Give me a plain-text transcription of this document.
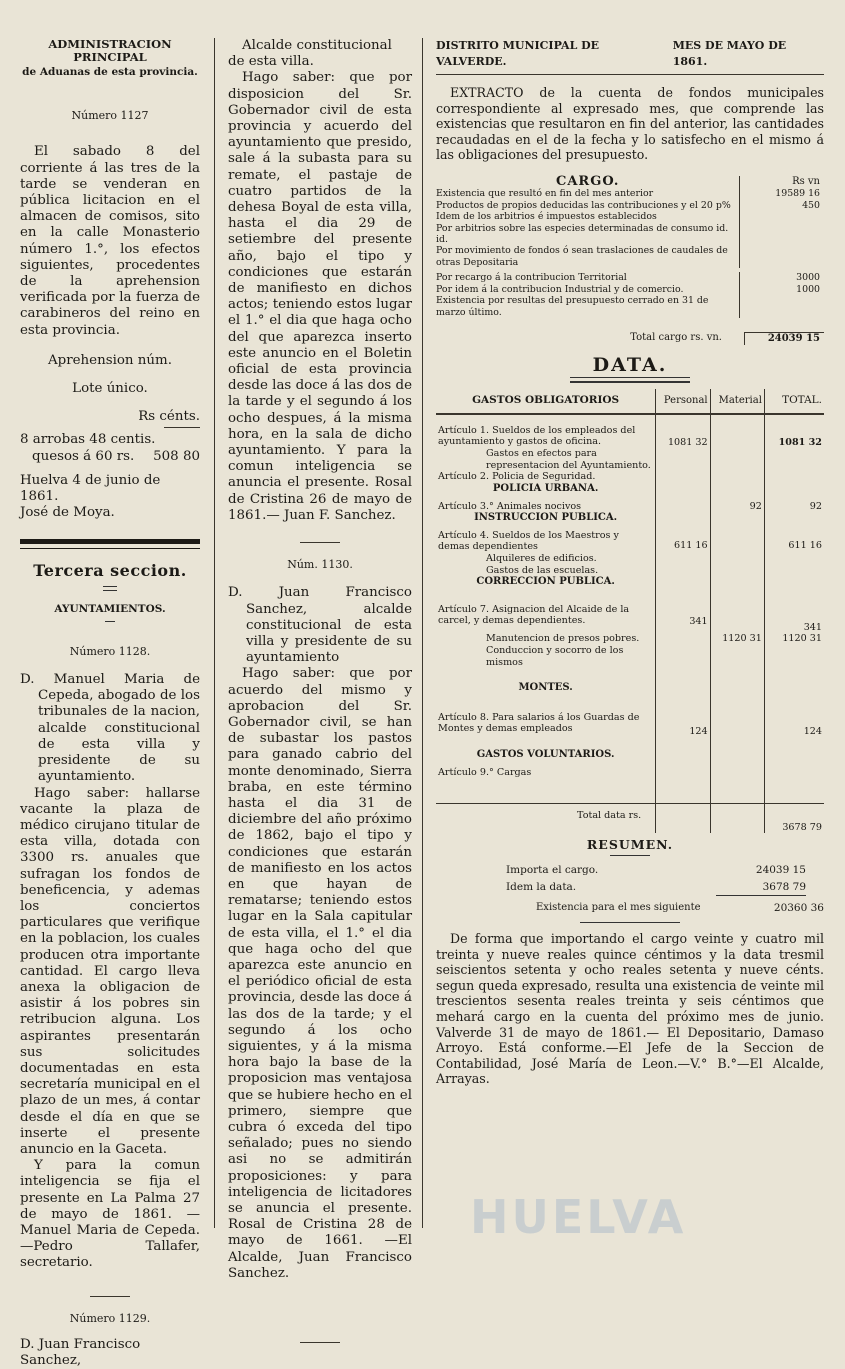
ADMINISTRACION PRINCIPAL
de Aduanas de esta provincia.
Número 1127

El sabado 8 del corriente á las tres de la tarde se venderan en pública licitacion en el almacen de comisos, sito en la calle Monasterio número 1.°, los efectos siguientes, procedentes de la aprehension verificada por la fuerza de carabineros del reino en esta provincia.

Aprehension núm.

Lote único.

Rs cénts.

8 arrobas 48 centis.

quesos á 60 rs. 508 80

Huelva 4 de junio de 1861.

José de Moya.

Tercera seccion.
AYUNTAMIENTOS.
Número 1128.

D. Manuel Maria de Cepeda, abogado de los tribunales de la nacion, alcalde constitucional de esta villa y presidente de su ayuntamiento.

Hago saber: hallarse vacante la plaza de médico cirujano titular de esta villa, dotada con 3300 rs. anuales que sufragan los fondos de beneficencia, y ademas los conciertos particulares que verifique en la poblacion, los cuales producen otra importante cantidad. El cargo lleva anexa la obligacion de asistir á los pobres sin retribucion alguna. Los aspirantes presentarán sus solicitudes documentadas en esta secretaría municipal en el plazo de un mes, á contar desde el día en que se inserte el presente anuncio en la Gaceta.

Y para la comun inteligencia se fija el presente en La Palma 27 de mayo de 1861. —Manuel Maria de Cepeda.—Pedro Tallafer, secretario.

Número 1129.

D. Juan Francisco Sanchez,

Alcalde constitucional de esta villa.

Hago saber: que por disposicion del Sr. Gobernador civil de esta provincia y acuerdo del ayuntamiento que presido, sale á la subasta para su remate, el pastaje de cuatro partidos de la dehesa Boyal de esta villa, hasta el dia 29 de setiembre del presente año, bajo el tipo y condiciones que estarán de manifiesto en dichos actos; teniendo estos lugar el 1.° el dia que haga ocho del que aparezca inserto este anuncio en el Boletin oficial de esta provincia desde las doce á las dos de la tarde y el segundo á los ocho despues, á la misma hora, en la sala de dicho ayuntamiento. Y para la comun inteligencia se anuncia el presente. Rosal de Cristina 26 de mayo de 1861.— Juan F. Sanchez.

Núm. 1130.

D. Juan Francisco Sanchez, alcalde constitucional de esta villa y presidente de su ayuntamiento

Hago saber: que por acuerdo del mismo y aprobacion del Sr. Gobernador civil, se han de subastar los pastos para ganado cabrio del monte denominado, Sierra braba, en este término hasta el dia 31 de diciembre del año próximo de 1862, bajo el tipo y condiciones que estarán de manifiesto en los actos en que hayan de rematarse; teniendo estos lugar en la Sala capitular de esta villa, el 1.° el dia que haga ocho del que aparezca este anuncio en el periódico oficial de esta provincia, desde las doce á las dos de la tarde; y el segundo á los ocho siguientes, y á la misma hora bajo la base de la proposicion mas ventajosa que se hubiere hecho en el primero, siempre que cubra ó exceda del tipo señalado; pues no siendo asi no se admitirán proposiciones: y para inteligencia de licitadores se anuncia el presente. Rosal de Cristina 28 de mayo de 1661. —El Alcalde, Juan Francisco Sanchez.

DISTRITO MUNICIPAL DE VALVERDE.
MES DE MAYO DE 1861.

EXTRACTO de la cuenta de fondos municipales correspondiente al expresado mes, que comprende las existencias que resultaron en fin del anterior, las cantidades recaudadas en el de la fecha y lo satisfecho en el mismo á las obligaciones del presupuesto.

CARGO.	Rs vn
Existencia que resultó en fin del mes anterior	19589 16
Productos de propios deducidas las contribuciones y el 20 p%	450
Idem de los arbitrios é impuestos establecidos
Por arbitrios sobre las especies determinadas de consumo id. id.
Por movimiento de fondos ó sean traslaciones de caudales de otras Depositaria
Por recargo á la contribucion Territorial	3000
Por idem á la contribucion Industrial y de comercio.	1000
Existencia por resultas del presupuesto cerrado en 31 de marzo último.
Total cargo rs. vn.	24039 15
DATA.
GASTOS OBLIGATORIOS	Personal	Material	TOTAL.
Artículo 1. Sueldos de los empleados del ayuntamiento y gastos de oficina.	1081 32		1081 32
Gastos en efectos para representacion del Ayuntamiento.			
Artículo 2. Policia de Seguridad.			
POLICIA URBANA.			
Artículo 3.° Animales nocivos		92	92
INSTRUCCION PUBLICA.			
Artículo 4. Sueldos de los Maestros y demas dependientes	611 16		611 16
Alquileres de edificios.			
Gastos de las escuelas.			
CORRECCION PUBLICA.			
Artículo 7. Asignacion del Alcaide de la carcel, y demas dependientes.	341		341
Manutencion de presos pobres.		1120 31	1120 31
Conduccion y socorro de los mismos			
MONTES.			
Artículo 8. Para salarios á los Guardas de Montes y demas empleados	124		124
GASTOS VOLUNTARIOS.			
Artículo 9.° Cargas			
Total data rs.			3678 79
RESUMEN.
Importa el cargo.	24039 15
Idem la data.	3678 79
Existencia para el mes siguiente	20360 36

De forma que importando el cargo veinte y cuatro mil treinta y nueve reales quince céntimos y la data tresmil seiscientos setenta y ocho reales setenta y nueve cénts. segun queda expresado, resulta una existencia de veinte mil trescientos sesenta reales treinta y seis céntimos que mehará cargo en la cuenta del próximo mes de junio. Valverde 31 de mayo de 1861.— El Depositario, Damaso Arroyo. Está conforme.—El Jefe de la Seccion de Contabilidad, José María de Leon.—V.° B.°—El Alcalde, Arrayas.

HUELVA
